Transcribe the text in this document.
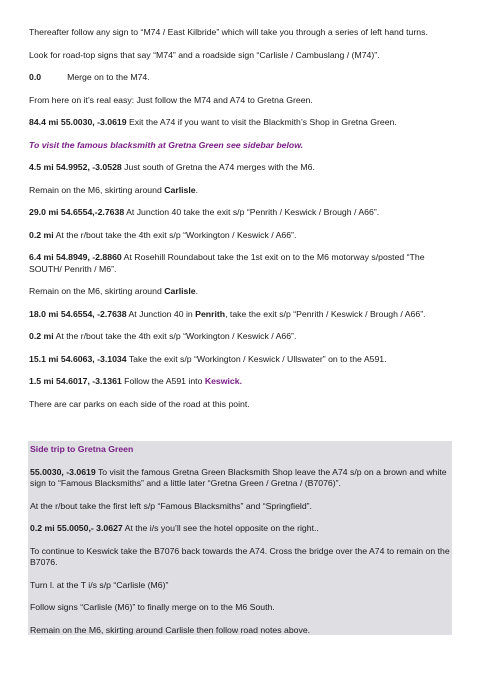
Thereafter follow any sign to “M74 / East Kilbride” which will take you through a series of left hand turns.

Look for road-top signs that say “M74” and a roadside sign “Carlisle / Cambuslang / (M74)”.

0.0	Merge on to the M74.

From here on it’s real easy: Just follow the M74 and A74 to Gretna Green.

84.4 mi 55.0030, -3.0619 Exit the A74 if you want to visit the Blackmith’s Shop in Gretna Green.

To visit the famous blacksmith at Gretna Green see sidebar below.

4.5 mi 54.9952, -3.0528 Just south of Gretna the A74 merges with the M6.

Remain on the M6, skirting around Carlisle.

29.0 mi 54.6554,-2.7638 At Junction 40 take the exit s/p “Penrith / Keswick / Brough / A66”.

0.2 mi At the r/bout take the 4th exit s/p “Workington / Keswick / A66”.

6.4 mi 54.8949, -2.8860 At Rosehill Roundabout take the 1st exit on to the M6 motorway s/posted “The SOUTH/ Penrith / M6”.

Remain on the M6, skirting around Carlisle.

18.0 mi 54.6554, -2.7638 At Junction 40 in Penrith, take the exit s/p “Penrith / Keswick / Brough / A66”.

0.2 mi At the r/bout take the 4th exit s/p “Workington / Keswick / A66”.

15.1 mi 54.6063, -3.1034 Take the exit s/p “Workington / Keswick / Ullswater” on to the A591.

1.5 mi 54.6017, -3.1361 Follow the A591 into Keswick.

There are car parks on each side of the road at this point.

Side trip to Gretna Green

55.0030, -3.0619 To visit the famous Gretna Green Blacksmith Shop leave the A74 s/p on a brown and white sign to “Famous Blacksmiths” and a little later “Gretna Green / Gretna / (B7076)”.

At the r/bout take the first left s/p “Famous Blacksmiths” and “Springfield”.

0.2 mi 55.0050,- 3.0627 At the i/s you’ll see the hotel opposite on the right..

To continue to Keswick take the B7076 back towards the A74. Cross the bridge over the A74 to remain on the B7076.

Turn l. at the T i/s s/p “Carlisle (M6)”

Follow signs “Carlisle (M6)” to finally merge on to the M6 South.

Remain on the M6, skirting around Carlisle then follow road notes above.
